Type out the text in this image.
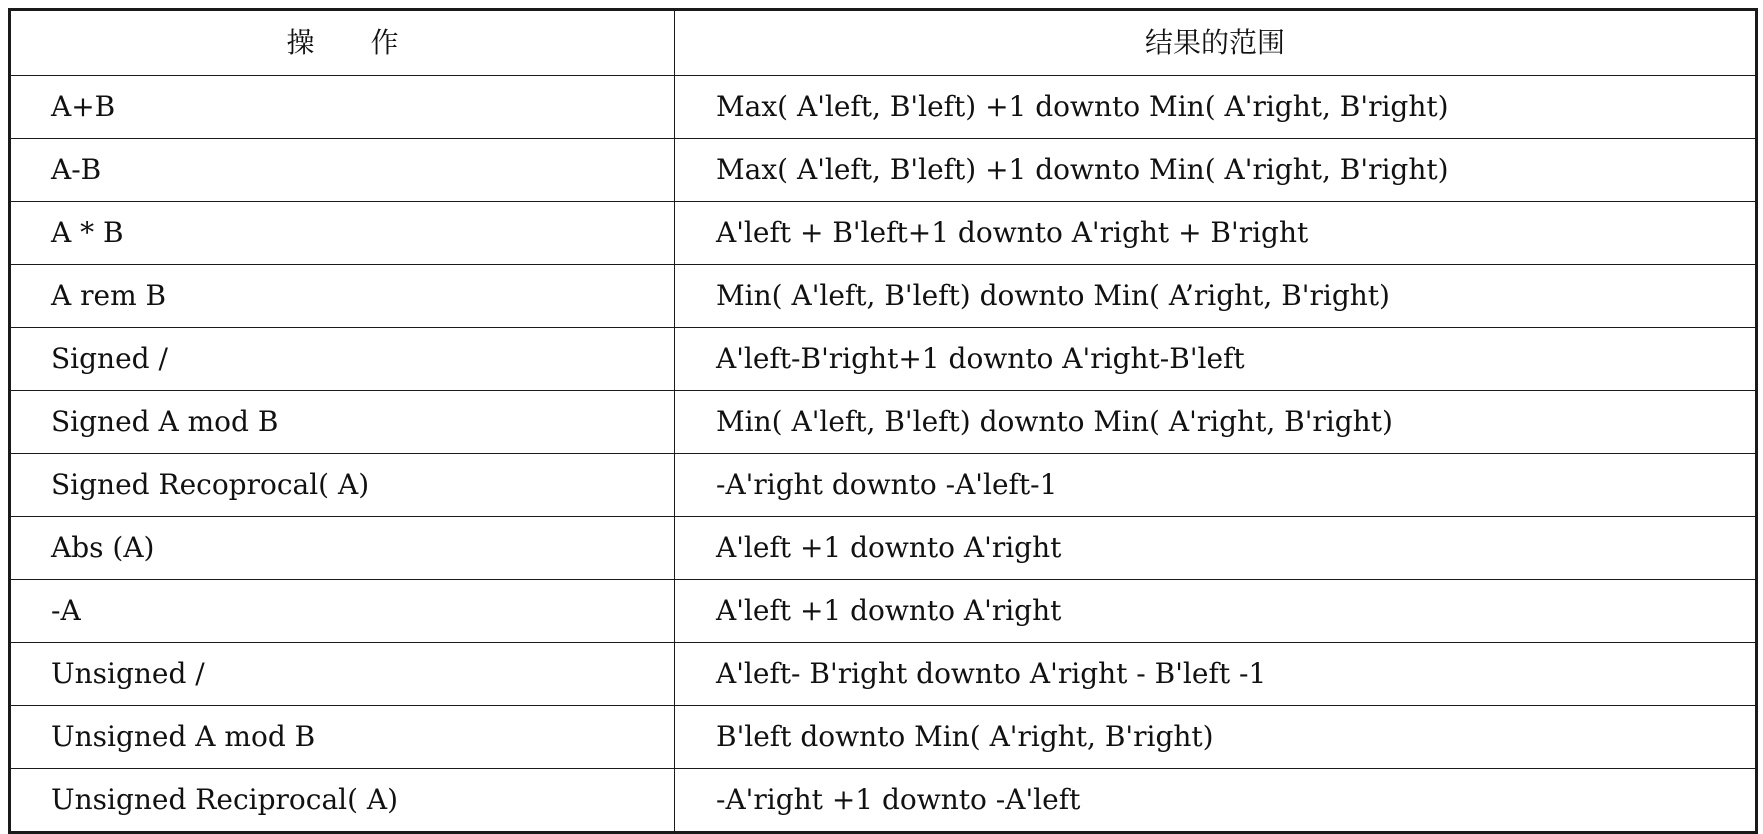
操　　作	结果的范围
A+B	Max( A'left, B'left) +1 downto Min( A'right, B'right)
A-B	Max( A'left, B'left) +1 downto Min( A'right, B'right)
A * B	A'left + B'left+1 downto A'right + B'right
A rem B	Min( A'left, B'left) downto Min( A’right, B'right)
Signed /	A'left-B'right+1 downto A'right-B'left
Signed A mod B	Min( A'left, B'left) downto Min( A'right, B'right)
Signed Recoprocal( A)	-A'right downto -A'left-1
Abs (A)	A'left +1 downto A'right
-A	A'left +1 downto A'right
Unsigned /	A'left- B'right downto A'right - B'left -1
Unsigned A mod B	B'left downto Min( A'right, B'right)
Unsigned Reciprocal( A)	-A'right +1 downto -A'left
